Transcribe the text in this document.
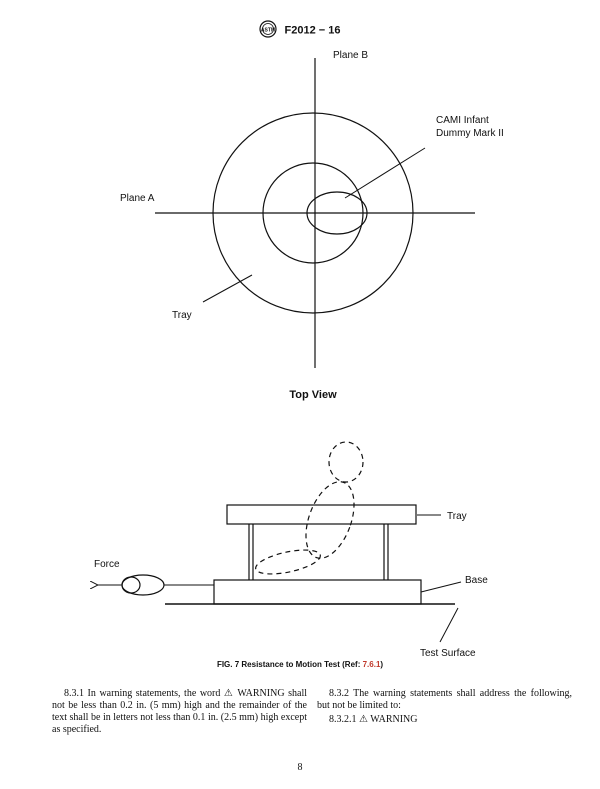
ASTM F2012 − 16
Plane B
Plane A
CAMI Infant
Dummy Mark II
Tray
Top View
Tray
Force
Base
Test Surface
FIG. 7 Resistance to Motion Test (Ref: 7.6.1)

8.3.1 In warning statements, the word ⚠ WARNING shall not be less than 0.2 in. (5 mm) high and the remainder of the text shall be in letters not less than 0.1 in. (2.5 mm) high except as specified.

8.3.2 The warning statements shall address the following, but not be limited to:

8.3.2.1 ⚠ WARNING

8
